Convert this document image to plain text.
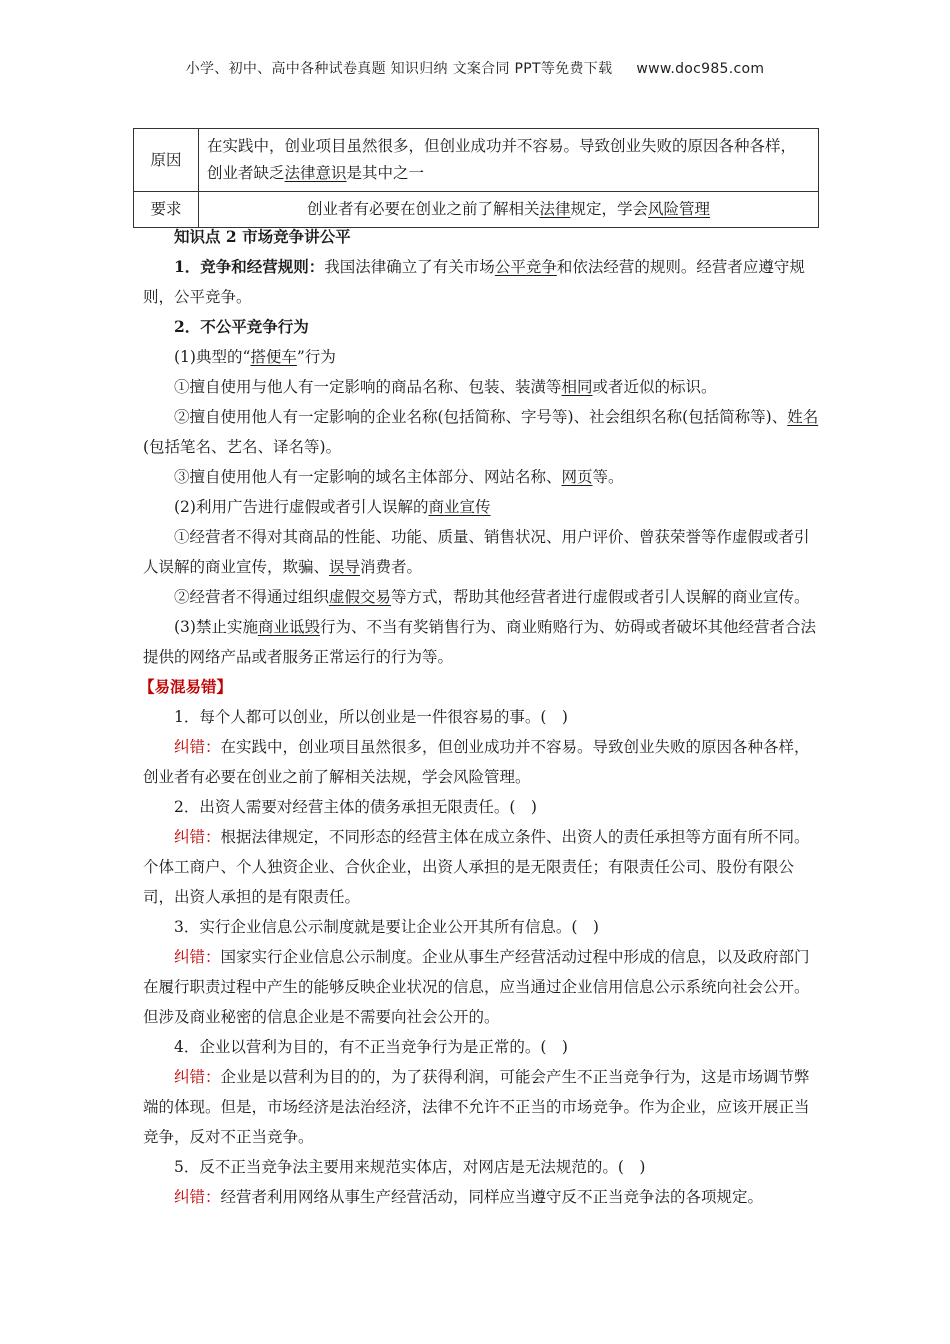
小学、初中、高中各种试卷真题 知识归纳 文案合同 PPT等免费下载 www.doc985.com
原因	在实践中，创业项目虽然很多，但创业成功并不容易。导致创业失败的原因各种各样，创业者缺乏法律意识是其中之一
要求	创业者有必要在创业之前了解相关法律规定，学会风险管理

知识点 2 市场竞争讲公平

1．竞争和经营规则：我国法律确立了有关市场公平竞争和依法经营的规则。经营者应遵守规则，公平竞争。

2．不公平竞争行为

(1)典型的“搭便车”行为

①擅自使用与他人有一定影响的商品名称、包装、装潢等相同或者近似的标识。

②擅自使用他人有一定影响的企业名称(包括简称、字号等)、社会组织名称(包括简称等)、姓名(包括笔名、艺名、译名等)。

③擅自使用他人有一定影响的域名主体部分、网站名称、网页等。

(2)利用广告进行虚假或者引人误解的商业宣传

①经营者不得对其商品的性能、功能、质量、销售状况、用户评价、曾获荣誉等作虚假或者引人误解的商业宣传，欺骗、误导消费者。

②经营者不得通过组织虚假交易等方式，帮助其他经营者进行虚假或者引人误解的商业宣传。

(3)禁止实施商业诋毁行为、不当有奖销售行为、商业贿赂行为、妨碍或者破坏其他经营者合法提供的网络产品或者服务正常运行的行为等。

【易混易错】

1．每个人都可以创业，所以创业是一件很容易的事。(　)

纠错：在实践中，创业项目虽然很多，但创业成功并不容易。导致创业失败的原因各种各样，创业者有必要在创业之前了解相关法规，学会风险管理。

2．出资人需要对经营主体的债务承担无限责任。(　)

纠错：根据法律规定，不同形态的经营主体在成立条件、出资人的责任承担等方面有所不同。个体工商户、个人独资企业、合伙企业，出资人承担的是无限责任；有限责任公司、股份有限公司，出资人承担的是有限责任。

3．实行企业信息公示制度就是要让企业公开其所有信息。(　)

纠错：国家实行企业信息公示制度。企业从事生产经营活动过程中形成的信息，以及政府部门在履行职责过程中产生的能够反映企业状况的信息，应当通过企业信用信息公示系统向社会公开。但涉及商业秘密的信息企业是不需要向社会公开的。

4．企业以营利为目的，有不正当竞争行为是正常的。(　)

纠错：企业是以营利为目的的，为了获得利润，可能会产生不正当竞争行为，这是市场调节弊端的体现。但是，市场经济是法治经济，法律不允许不正当的市场竞争。作为企业，应该开展正当竞争，反对不正当竞争。

5．反不正当竞争法主要用来规范实体店，对网店是无法规范的。(　)

纠错：经营者利用网络从事生产经营活动，同样应当遵守反不正当竞争法的各项规定。
